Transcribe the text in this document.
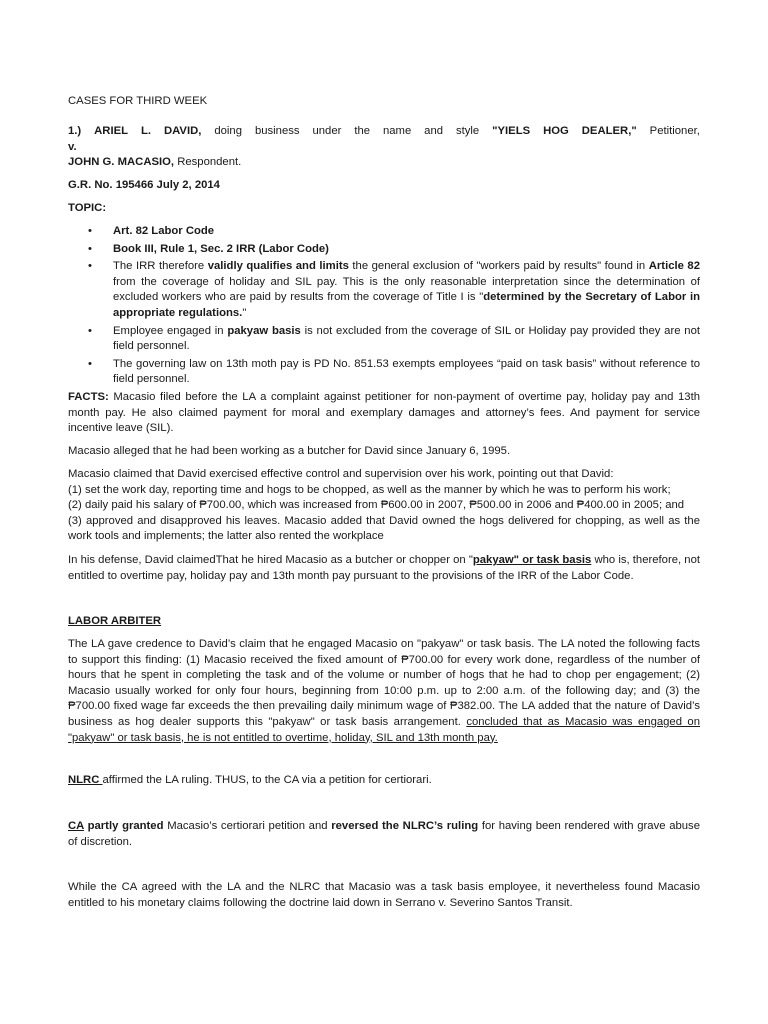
CASES FOR THIRD WEEK

1.) ARIEL L. DAVID, doing business under the name and style "YIELS HOG DEALER," Petitioner,

v.

JOHN G. MACASIO, Respondent.

G.R. No. 195466 July 2, 2014

TOPIC:

• Art. 82 Labor Code
• Book III, Rule 1, Sec. 2 IRR (Labor Code)
• The IRR therefore validly qualifies and limits the general exclusion of "workers paid by results" found in Article 82 from the coverage of holiday and SIL pay. This is the only reasonable interpretation since the determination of excluded workers who are paid by results from the coverage of Title I is "determined by the Secretary of Labor in appropriate regulations."
• Employee engaged in pakyaw basis is not excluded from the coverage of SIL or Holiday pay provided they are not field personnel.
• The governing law on 13th moth pay is PD No. 851.53 exempts employees “paid on task basis” without reference to field personnel.

FACTS: Macasio filed before the LA a complaint against petitioner for non-payment of overtime pay, holiday pay and 13th month pay. He also claimed payment for moral and exemplary damages and attorney’s fees. And payment for service incentive leave (SIL).

Macasio alleged that he had been working as a butcher for David since January 6, 1995.

Macasio claimed that David exercised effective control and supervision over his work, pointing out that David:

(1) set the work day, reporting time and hogs to be chopped, as well as the manner by which he was to perform his work;

(2) daily paid his salary of ₱700.00, which was increased from ₱600.00 in 2007, ₱500.00 in 2006 and ₱400.00 in 2005; and

(3) approved and disapproved his leaves. Macasio added that David owned the hogs delivered for chopping, as well as the work tools and implements; the latter also rented the workplace

In his defense, David claimedThat he hired Macasio as a butcher or chopper on "pakyaw" or task basis who is, therefore, not entitled to overtime pay, holiday pay and 13th month pay pursuant to the provisions of the IRR of the Labor Code.

LABOR ARBITER

The LA gave credence to David’s claim that he engaged Macasio on "pakyaw" or task basis. The LA noted the following facts to support this finding: (1) Macasio received the fixed amount of ₱700.00 for every work done, regardless of the number of hours that he spent in completing the task and of the volume or number of hogs that he had to chop per engagement; (2) Macasio usually worked for only four hours, beginning from 10:00 p.m. up to 2:00 a.m. of the following day; and (3) the ₱700.00 fixed wage far exceeds the then prevailing daily minimum wage of ₱382.00. The LA added that the nature of David’s business as hog dealer supports this "pakyaw" or task basis arrangement. concluded that as Macasio was engaged on "pakyaw" or task basis, he is not entitled to overtime, holiday, SIL and 13th month pay.

NLRC affirmed the LA ruling. THUS, to the CA via a petition for certiorari.

CA partly granted Macasio’s certiorari petition and reversed the NLRC’s ruling for having been rendered with grave abuse of discretion.

While the CA agreed with the LA and the NLRC that Macasio was a task basis employee, it nevertheless found Macasio entitled to his monetary claims following the doctrine laid down in Serrano v. Severino Santos Transit.
